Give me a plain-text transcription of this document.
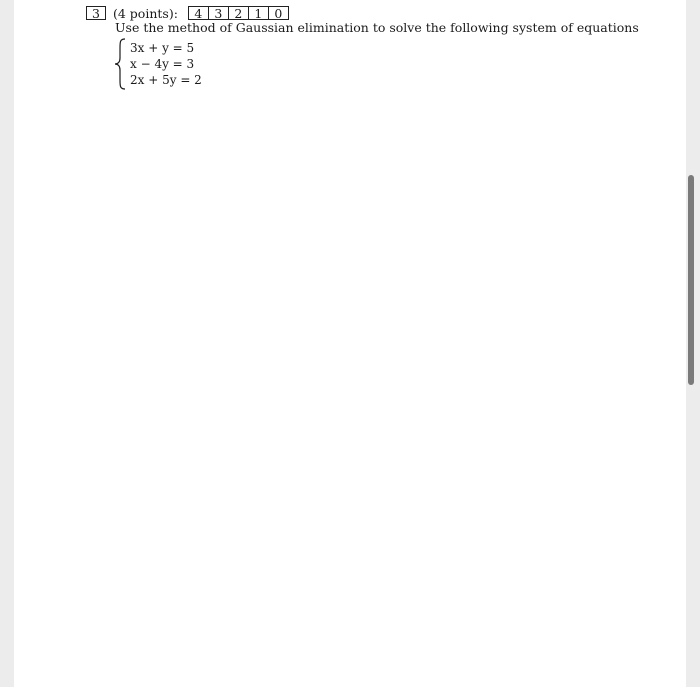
3	(4 points):	4 3 2 1 0
Use the method of Gaussian elimination to solve the following system of equations
3x + y = 5
x − 4y = 3
2x + 5y = 2
